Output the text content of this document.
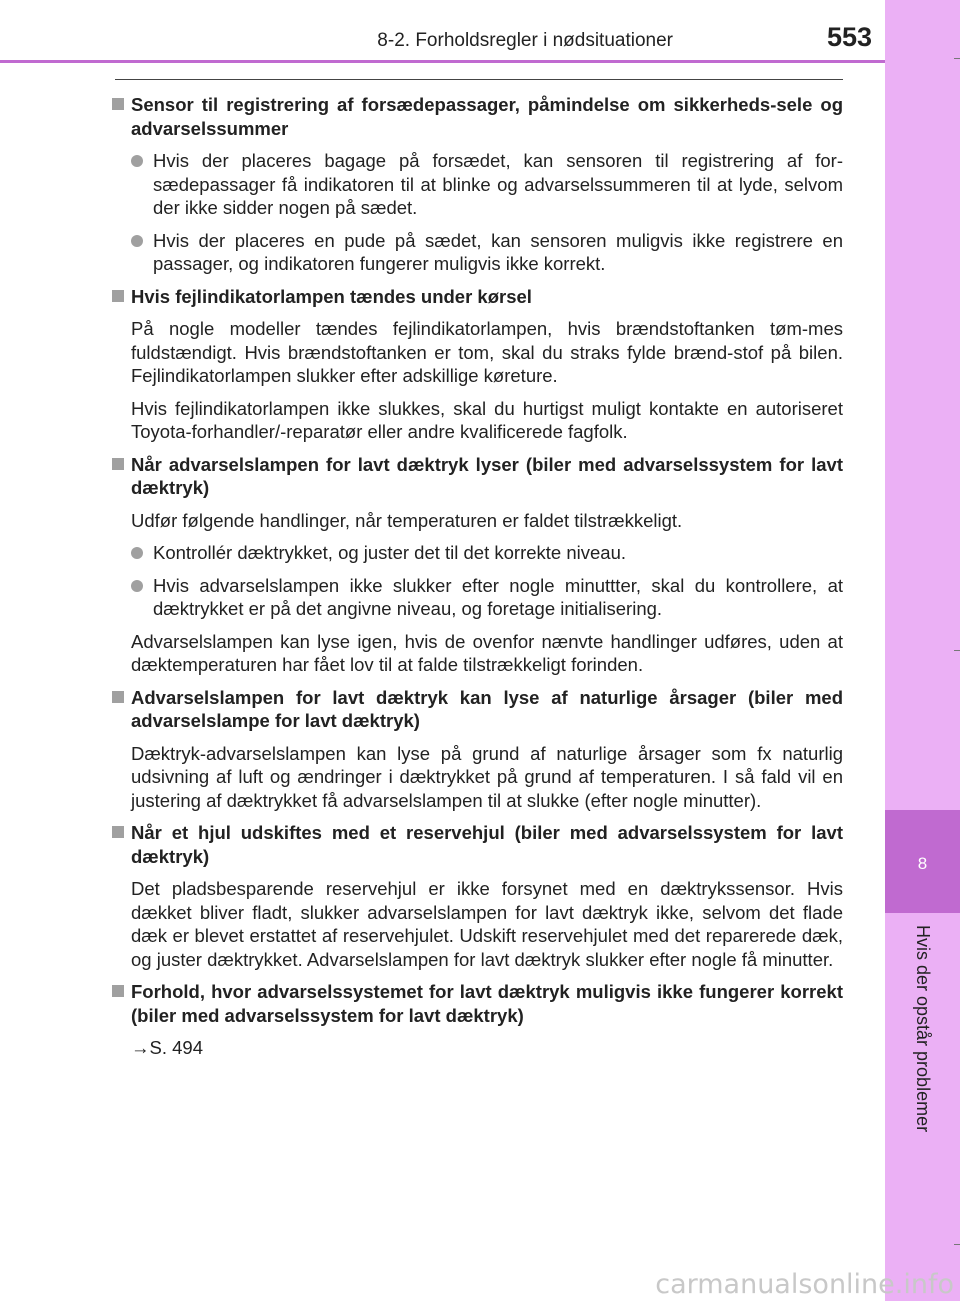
8-2. Forholdsregler i nødsituationer	553
8
Hvis der opstår problemer
Sensor til registrering af forsædepassager, påmindelse om sikkerheds-sele og advarselssummer
Hvis der placeres bagage på forsædet, kan sensoren til registrering af for-sædepassager få indikatoren til at blinke og advarselssummeren til at lyde, selvom der ikke sidder nogen på sædet.
Hvis der placeres en pude på sædet, kan sensoren muligvis ikke registrere en passager, og indikatoren fungerer muligvis ikke korrekt.
Hvis fejlindikatorlampen tændes under kørsel
På nogle modeller tændes fejlindikatorlampen, hvis brændstoftanken tøm-mes fuldstændigt. Hvis brændstoftanken er tom, skal du straks fylde brænd-stof på bilen. Fejlindikatorlampen slukker efter adskillige køreture.
Hvis fejlindikatorlampen ikke slukkes, skal du hurtigst muligt kontakte en autoriseret Toyota-forhandler/-reparatør eller andre kvalificerede fagfolk.
Når advarselslampen for lavt dæktryk lyser (biler med advarselssystem for lavt dæktryk)
Udfør følgende handlinger, når temperaturen er faldet tilstrækkeligt.
Kontrollér dæktrykket, og juster det til det korrekte niveau.
Hvis advarselslampen ikke slukker efter nogle minuttter, skal du kontrollere, at dæktrykket er på det angivne niveau, og foretage initialisering.
Advarselslampen kan lyse igen, hvis de ovenfor nænvte handlinger udføres, uden at dæktemperaturen har fået lov til at falde tilstrækkeligt forinden.
Advarselslampen for lavt dæktryk kan lyse af naturlige årsager (biler med advarselslampe for lavt dæktryk)
Dæktryk-advarselslampen kan lyse på grund af naturlige årsager som fx naturlig udsivning af luft og ændringer i dæktrykket på grund af temperaturen. I så fald vil en justering af dæktrykket få advarselslampen til at slukke (efter nogle minutter).
Når et hjul udskiftes med et reservehjul (biler med advarselssystem for lavt dæktryk)
Det pladsbesparende reservehjul er ikke forsynet med en dæktrykssensor. Hvis dækket bliver fladt, slukker advarselslampen for lavt dæktryk ikke, selvom det flade dæk er blevet erstattet af reservehjulet. Udskift reservehjulet med det reparerede dæk, og juster dæktrykket. Advarselslampen for lavt dæktryk slukker efter nogle få minutter.
Forhold, hvor advarselssystemet for lavt dæktryk muligvis ikke fungerer korrekt (biler med advarselssystem for lavt dæktryk)
→S. 494
carmanualsonline.info
